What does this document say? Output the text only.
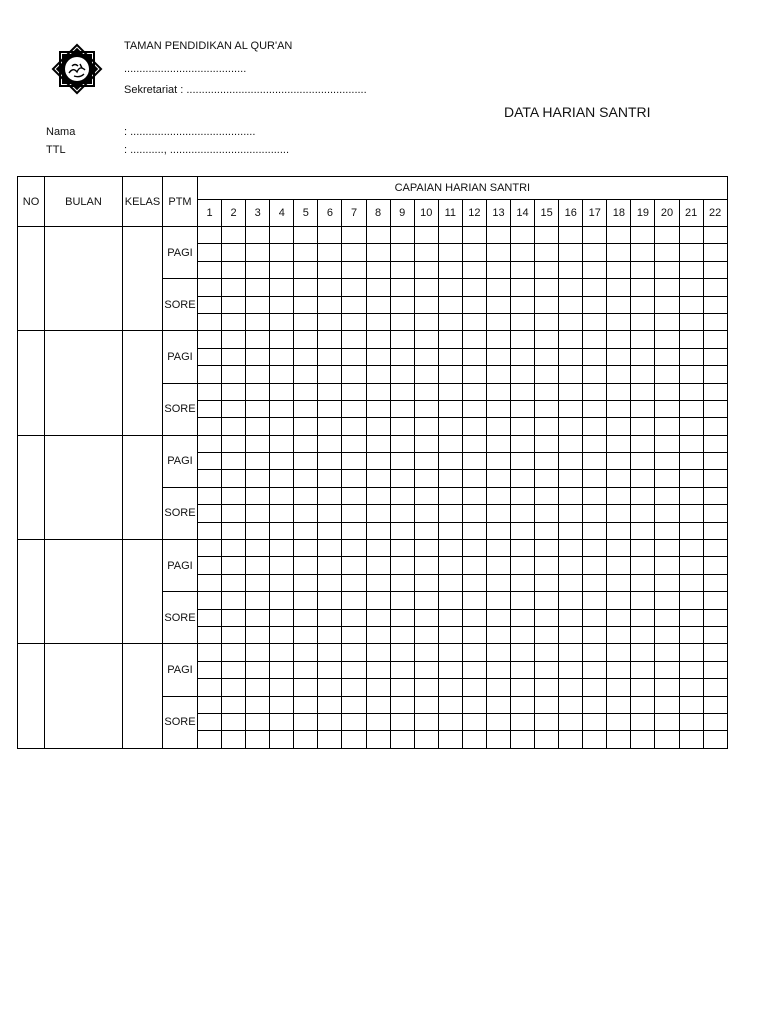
TAMAN PENDIDIKAN AL QUR'AN
........................................
Sekretariat : ...........................................................
DATA HARIAN SANTRI
Nama	: .........................................
TTL	: ..........., .......................................
NO	BULAN	KELAS	PTM	CAPAIAN HARIAN SANTRI																					
				1	2	3	4	5	6	7	8	9	10	11	12	13	14	15	16	17	18	19	20	21	22
			PAGI																						

			SORE																						

			PAGI																						

			SORE																						

			PAGI																						

			SORE																						

			PAGI																						

			SORE																						

			PAGI																						

			SORE																						
